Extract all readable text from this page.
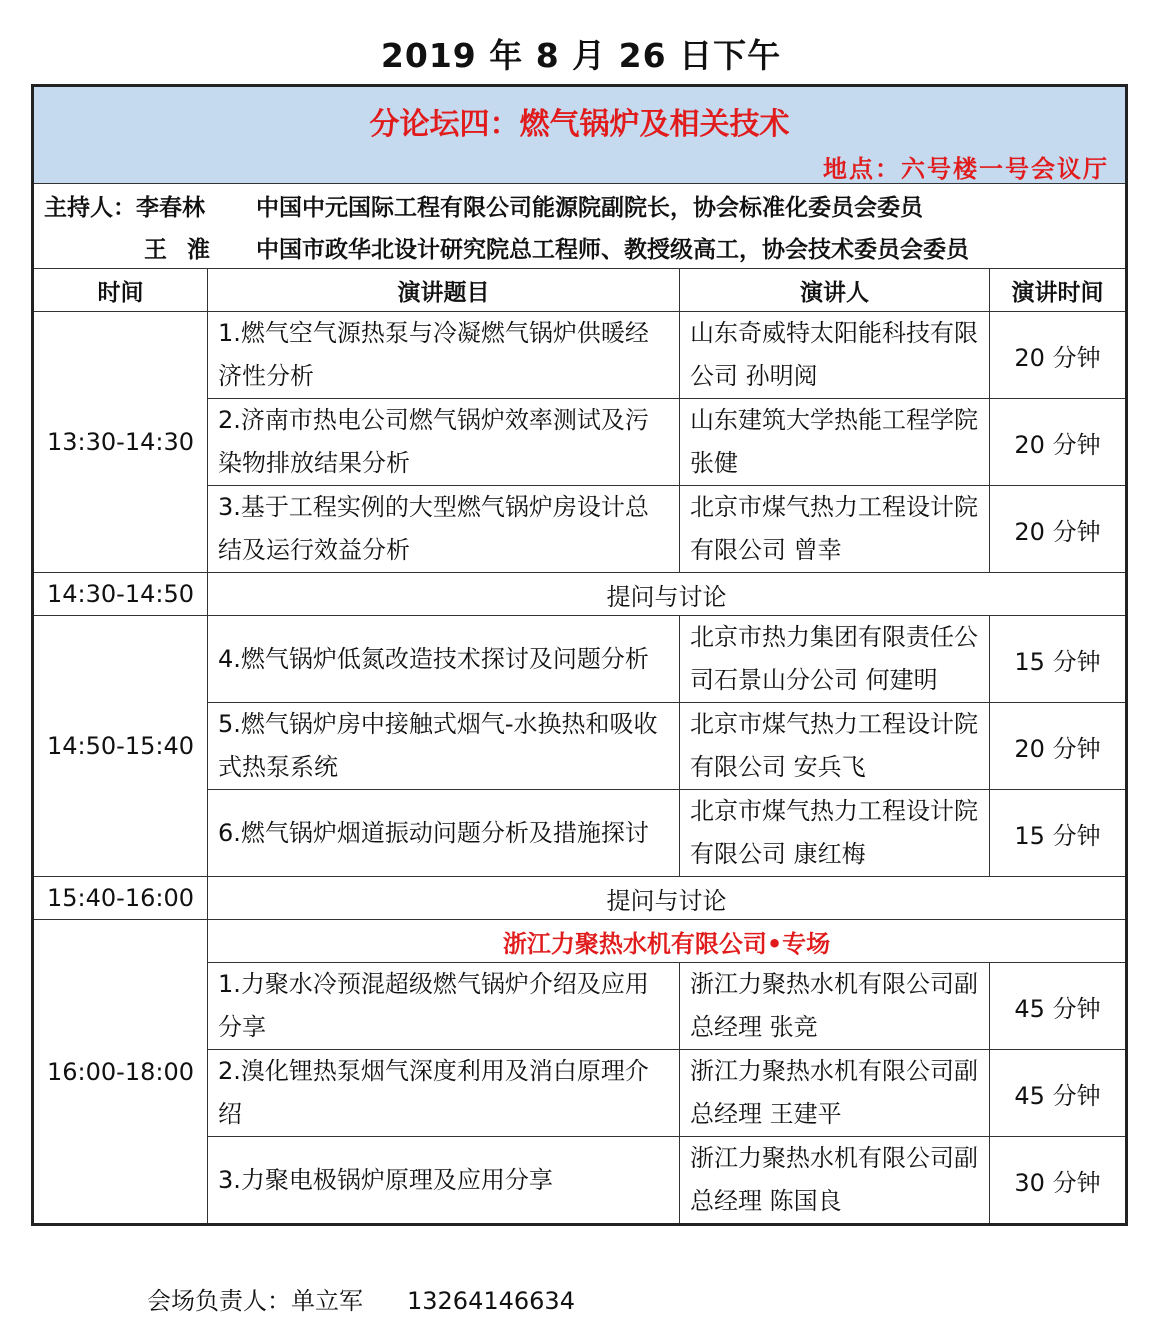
2019 年 8 月 26 日下午
分论坛四：燃气锅炉及相关技术
地点：六号楼一号会议厅			

主持人：李春林 中国中元国际工程有限公司能源院副院长，协会标准化委员会委员
王 淮 中国市政华北设计研究院总工程师、教授级高工，协会技术委员会委员			

时间	演讲题目	演讲人	演讲时间
13:30-14:30	1.燃气空气源热泵与冷凝燃气锅炉供暖经济性分析	山东奇威特太阳能科技有限公司 孙明阅	20 分钟
	2.济南市热电公司燃气锅炉效率测试及污染物排放结果分析	山东建筑大学热能工程学院 张健	20 分钟
	3.基于工程实例的大型燃气锅炉房设计总结及运行效益分析	北京市煤气热力工程设计院有限公司 曾幸	20 分钟
14:30-14:50	提问与讨论		
14:50-15:40	4.燃气锅炉低氮改造技术探讨及问题分析	北京市热力集团有限责任公司石景山分公司 何建明	15 分钟
	5.燃气锅炉房中接触式烟气-水换热和吸收式热泵系统	北京市煤气热力工程设计院有限公司 安兵飞	20 分钟
	6.燃气锅炉烟道振动问题分析及措施探讨	北京市煤气热力工程设计院有限公司 康红梅	15 分钟
15:40-16:00	提问与讨论		
16:00-18:00	浙江力聚热水机有限公司•专场		
	1.力聚水冷预混超级燃气锅炉介绍及应用分享	浙江力聚热水机有限公司副总经理 张竞	45 分钟
	2.溴化锂热泵烟气深度利用及消白原理介绍	浙江力聚热水机有限公司副总经理 王建平	45 分钟
	3.力聚电极锅炉原理及应用分享	浙江力聚热水机有限公司副总经理 陈国良	30 分钟
会场负责人：单立军 13264146634
